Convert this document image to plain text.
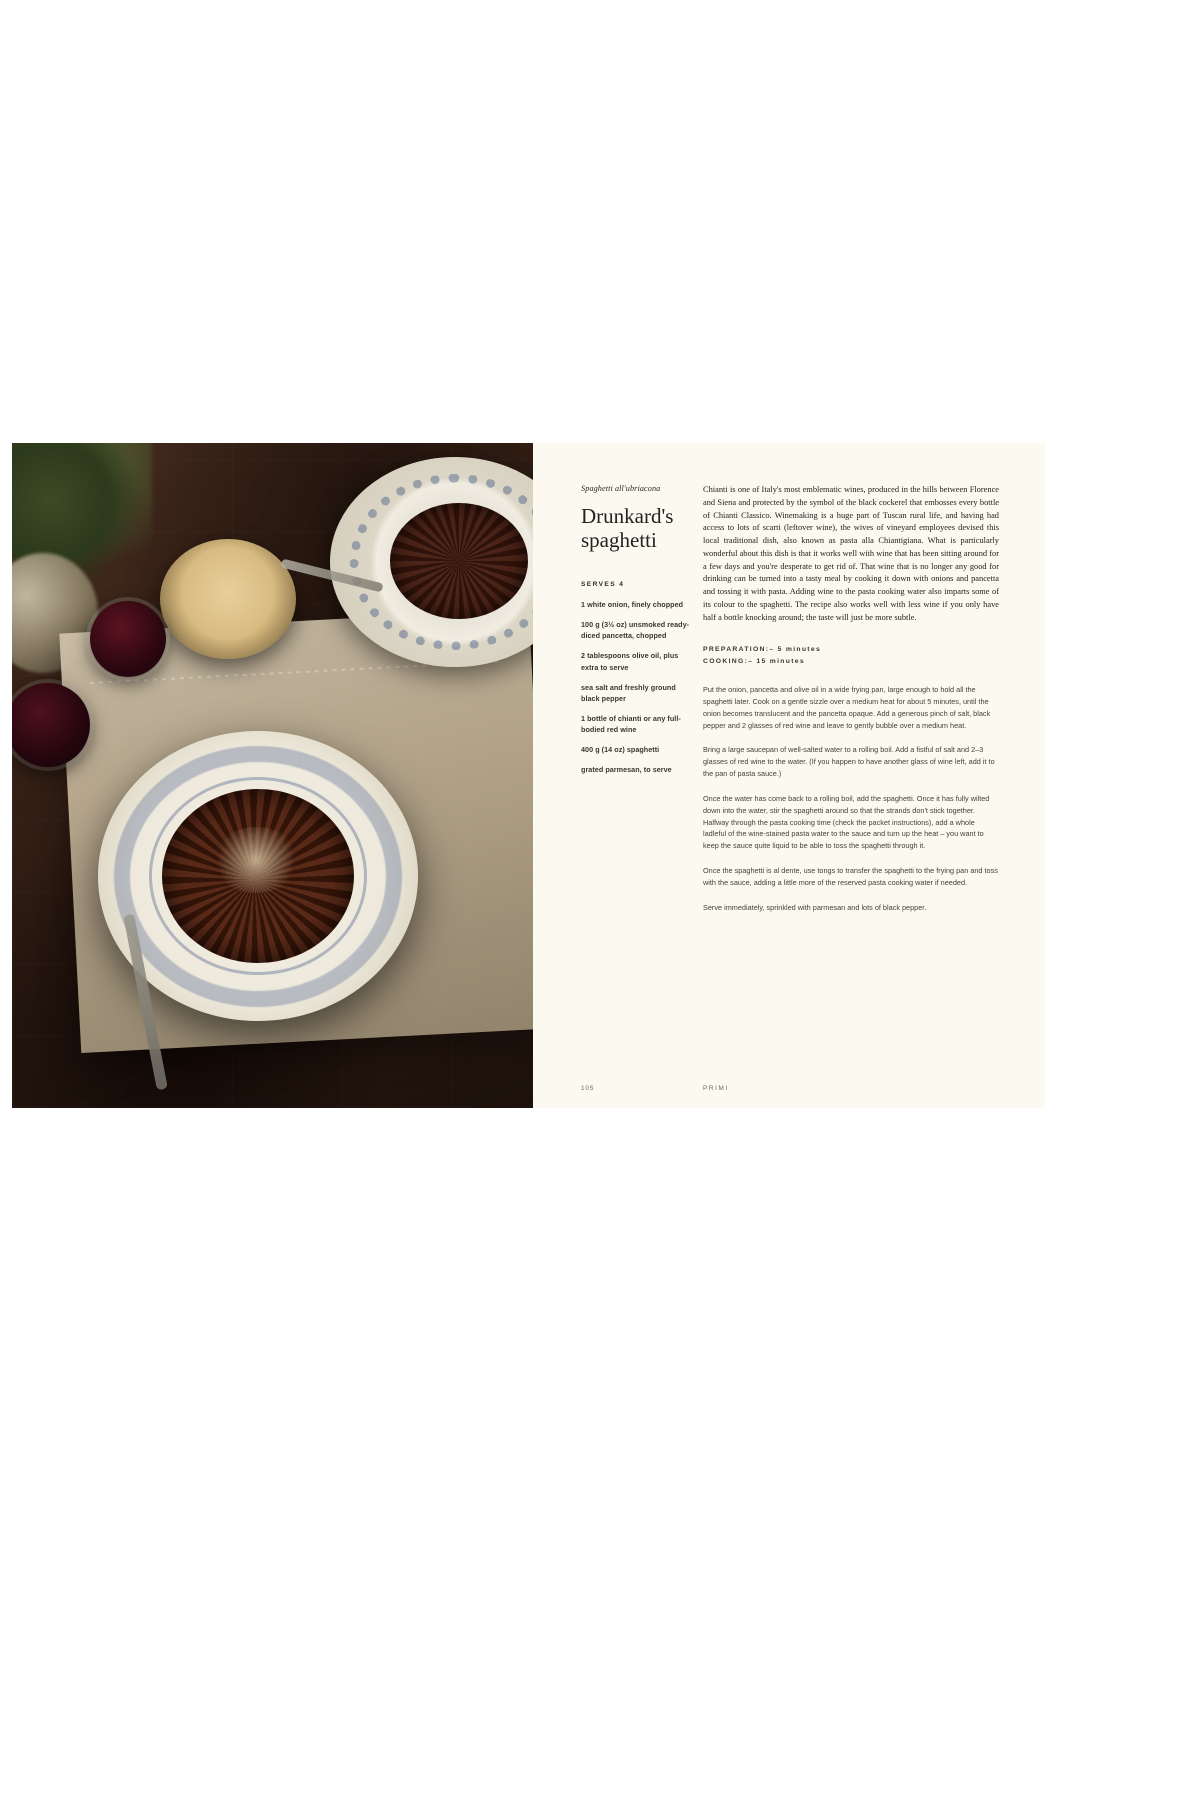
Spaghetti all'ubriacona

Drunkard's spaghetti

SERVES 4

1 white onion, finely chopped
100 g (3½ oz) unsmoked ready-diced pancetta, chopped
2 tablespoons olive oil, plus extra to serve
sea salt and freshly ground black pepper
1 bottle of chianti or any full-bodied red wine
400 g (14 oz) spaghetti
grated parmesan, to serve

Chianti is one of Italy's most emblematic wines, produced in the hills between Florence and Siena and protected by the symbol of the black cockerel that embosses every bottle of Chianti Classico. Winemaking is a huge part of Tuscan rural life, and having had access to lots of scarti (leftover wine), the wives of vineyard employees devised this local traditional dish, also known as pasta alla Chiantigiana. What is particularly wonderful about this dish is that it works well with wine that has been sitting around for a few days and you're desperate to get rid of. That wine that is no longer any good for drinking can be turned into a tasty meal by cooking it down with onions and pancetta and tossing it with pasta. Adding wine to the pasta cooking water also imparts some of its colour to the spaghetti. The recipe also works well with less wine if you only have half a bottle knocking around; the taste will just be more subtle.

PREPARATION:– 5 minutes
COOKING:– 15 minutes

Put the onion, pancetta and olive oil in a wide frying pan, large enough to hold all the spaghetti later. Cook on a gentle sizzle over a medium heat for about 5 minutes, until the onion becomes translucent and the pancetta opaque. Add a generous pinch of salt, black pepper and 2 glasses of red wine and leave to gently bubble over a medium heat.

Bring a large saucepan of well-salted water to a rolling boil. Add a fistful of salt and 2–3 glasses of red wine to the water. (If you happen to have another glass of wine left, add it to the pan of pasta sauce.)

Once the water has come back to a rolling boil, add the spaghetti. Once it has fully wilted down into the water, stir the spaghetti around so that the strands don't stick together. Halfway through the pasta cooking time (check the packet instructions), add a whole ladleful of the wine-stained pasta water to the sauce and turn up the heat – you want to keep the sauce quite liquid to be able to toss the spaghetti through it.

Once the spaghetti is al dente, use tongs to transfer the spaghetti to the frying pan and toss with the sauce, adding a little more of the reserved pasta cooking water if needed.

Serve immediately, sprinkled with parmesan and lots of black pepper.

105	PRIMI
